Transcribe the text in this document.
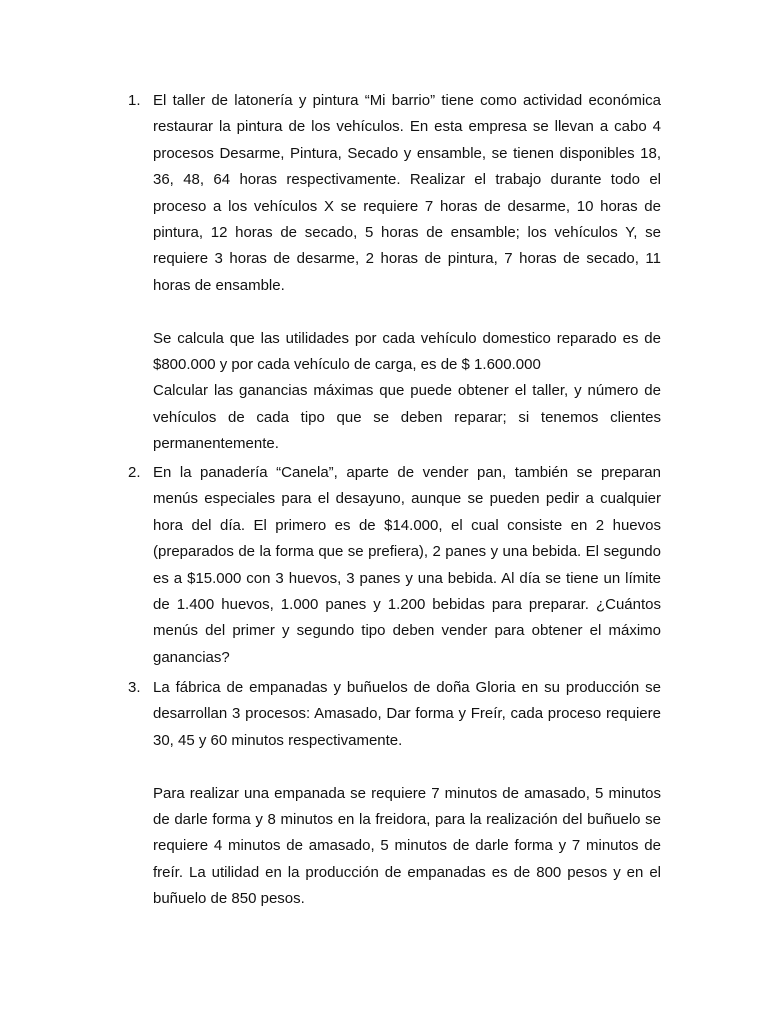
1. El taller de latonería y pintura “Mi barrio” tiene como actividad económica restaurar la pintura de los vehículos. En esta empresa se llevan a cabo 4 procesos Desarme, Pintura, Secado y ensamble, se tienen disponibles 18, 36, 48, 64 horas respectivamente. Realizar el trabajo durante todo el proceso a los vehículos X se requiere 7 horas de desarme, 10 horas de pintura, 12 horas de secado, 5 horas de ensamble; los vehículos Y, se requiere 3 horas de desarme, 2 horas de pintura, 7 horas de secado, 11 horas de ensamble.

Se calcula que las utilidades por cada vehículo domestico reparado es de $800.000 y por cada vehículo de carga, es de $ 1.600.000

Calcular las ganancias máximas que puede obtener el taller, y número de vehículos de cada tipo que se deben reparar; si tenemos clientes permanentemente.

2. En la panadería “Canela”, aparte de vender pan, también se preparan menús especiales para el desayuno, aunque se pueden pedir a cualquier hora del día. El primero es de $14.000, el cual consiste en 2 huevos (preparados de la forma que se prefiera), 2 panes y una bebida. El segundo es a $15.000 con 3 huevos, 3 panes y una bebida. Al día se tiene un límite de 1.400 huevos, 1.000 panes y 1.200 bebidas para preparar. ¿Cuántos menús del primer y segundo tipo deben vender para obtener el máximo ganancias?

3. La fábrica de empanadas y buñuelos de doña Gloria en su producción se desarrollan 3 procesos: Amasado, Dar forma y Freír, cada proceso requiere 30, 45 y 60 minutos respectivamente.

Para realizar una empanada se requiere 7 minutos de amasado, 5 minutos de darle forma y 8 minutos en la freidora, para la realización del buñuelo se requiere 4 minutos de amasado, 5 minutos de darle forma y 7 minutos de freír. La utilidad en la producción de empanadas es de 800 pesos y en el buñuelo de 850 pesos.
